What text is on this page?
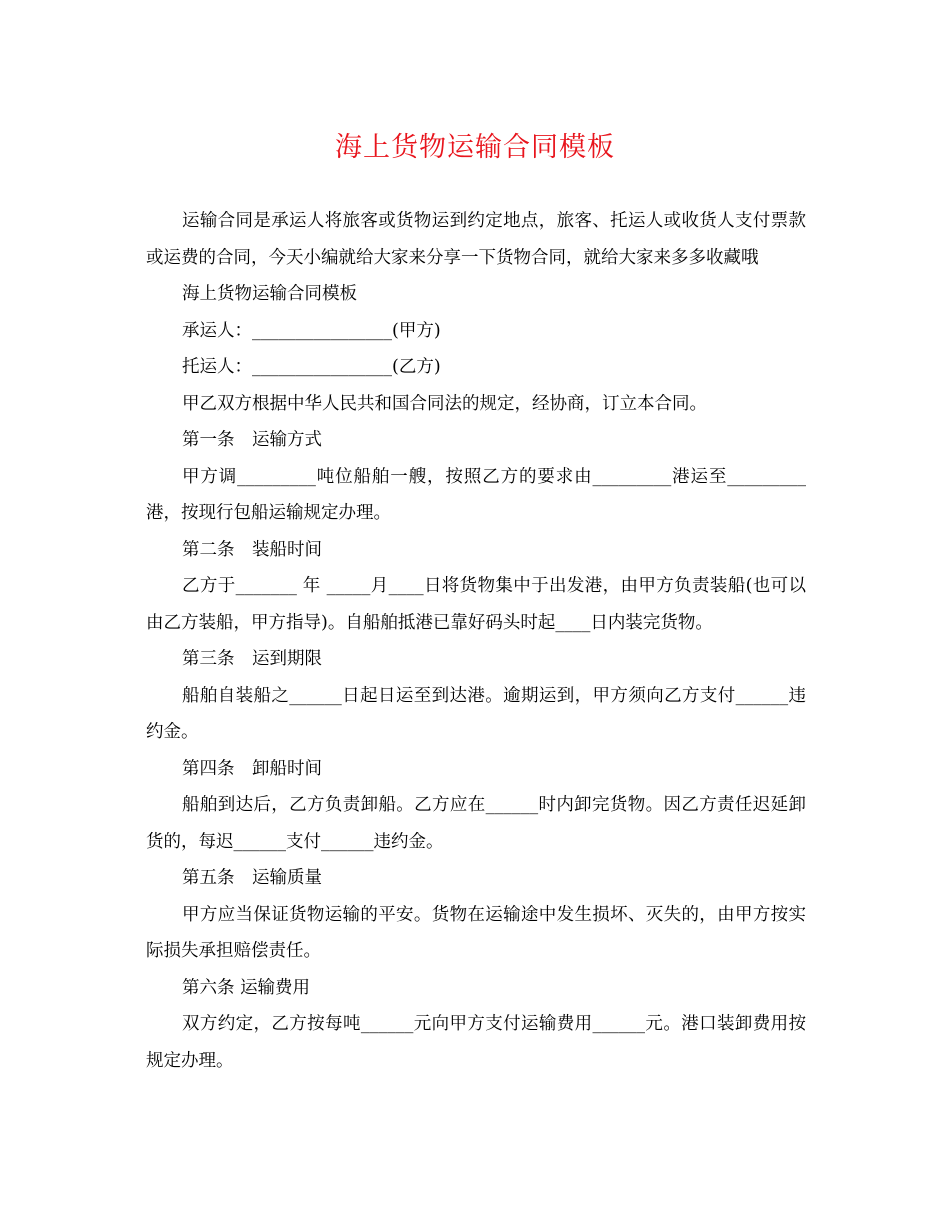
海上货物运输合同模板

运输合同是承运人将旅客或货物运到约定地点，旅客、托运人或收货人支付票款或运费的合同，今天小编就给大家来分享一下货物合同，就给大家来多多收藏哦

海上货物运输合同模板

承运人：________________(甲方)

托运人：________________(乙方)

甲乙双方根据中华人民共和国合同法的规定，经协商，订立本合同。

第一条　运输方式

甲方调_________吨位船舶一艘，按照乙方的要求由_________港运至_________港，按现行包船运输规定办理。

第二条　装船时间

乙方于_______ 年 _____月____日将货物集中于出发港，由甲方负责装船(也可以由乙方装船，甲方指导)。自船舶抵港已靠好码头时起____日内装完货物。

第三条　运到期限

船舶自装船之______日起日运至到达港。逾期运到，甲方须向乙方支付______违约金。

第四条　卸船时间

船舶到达后，乙方负责卸船。乙方应在______时内卸完货物。因乙方责任迟延卸货的，每迟______支付______违约金。

第五条　运输质量

甲方应当保证货物运输的平安。货物在运输途中发生损坏、灭失的，由甲方按实际损失承担赔偿责任。

第六条 运输费用

双方约定，乙方按每吨______元向甲方支付运输费用______元。港口装卸费用按规定办理。
